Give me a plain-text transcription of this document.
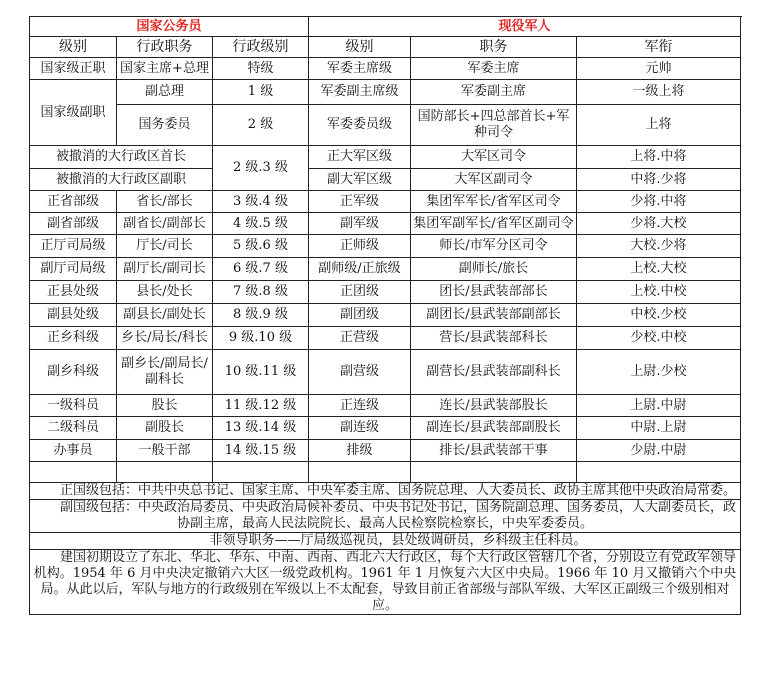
国家公务员			现役军人		
级别	行政职务	行政级别	级别	职务	军衔
国家级正职	国家主席+总理	特级	军委主席级	军委主席	元帅
国家级副职	副总理	1 级	军委副主席级	军委副主席	一级上将
	国务委员	2 级	军委委员级	国防部长+四总部首长+军种司令	上将
被撤消的大行政区首长		2 级.3 级	正大军区级	大军区司令	上将.中将
被撤消的大行政区副职			副大军区级	大军区副司令	中将.少将
正省部级	省长/部长	3 级.4 级	正军级	集团军军长/省军区司令	少将.中将
副省部级	副省长/副部长	4 级.5 级	副军级	集团军副军长/省军区副司令	少将.大校
正厅司局级	厅长/司长	5 级.6 级	正师级	师长/市军分区司令	大校.少将
副厅司局级	副厅长/副司长	6 级.7 级	副师级/正旅级	副师长/旅长	上校.大校
正县处级	县长/处长	7 级.8 级	正团级	团长/县武装部部长	上校.中校
副县处级	副县长/副处长	8 级.9 级	副团级	副团长/县武装部副部长	中校.少校
正乡科级	乡长/局长/科长	9 级.10 级	正营级	营长/县武装部科长	少校.中校
副乡科级	副乡长/副局长/副科长	10 级.11 级	副营级	副营长/县武装部副科长	上尉.少校
一级科员	股长	11 级.12 级	正连级	连长/县武装部股长	上尉.中尉
二级科员	副股长	13 级.14 级	副连级	副连长/县武装部副股长	中尉.上尉
办事员	一般干部	14 级.15 级	排级	排长/县武装部干事	少尉.中尉

正国级包括：中共中央总书记、国家主席、中央军委主席、国务院总理、人大委员长、政协主席其他中央政治局常委。					

副国级包括：中央政治局委员、中央政治局候补委员、中央书记处书记，国务院副总理、国务委员，人大副委员长，政协副主席，最高人民法院院长、最高人民检察院检察长，中央军委委员。					

非领导职务——厅局级巡视员，县处级调研员，乡科级主任科员。					

建国初期设立了东北、华北、华东、中南、西南、西北六大行政区，每个大行政区管辖几个省，分别设立有党政军领导机构。1954 年 6 月中央决定撤销六大区一级党政机构。1961 年 1 月恢复六大区中央局。1966 年 10 月又撤销六个中央局。从此以后，军队与地方的行政级别在军级以上不太配套，导致目前正省部级与部队军级、大军区正副级三个级别相对应。					
